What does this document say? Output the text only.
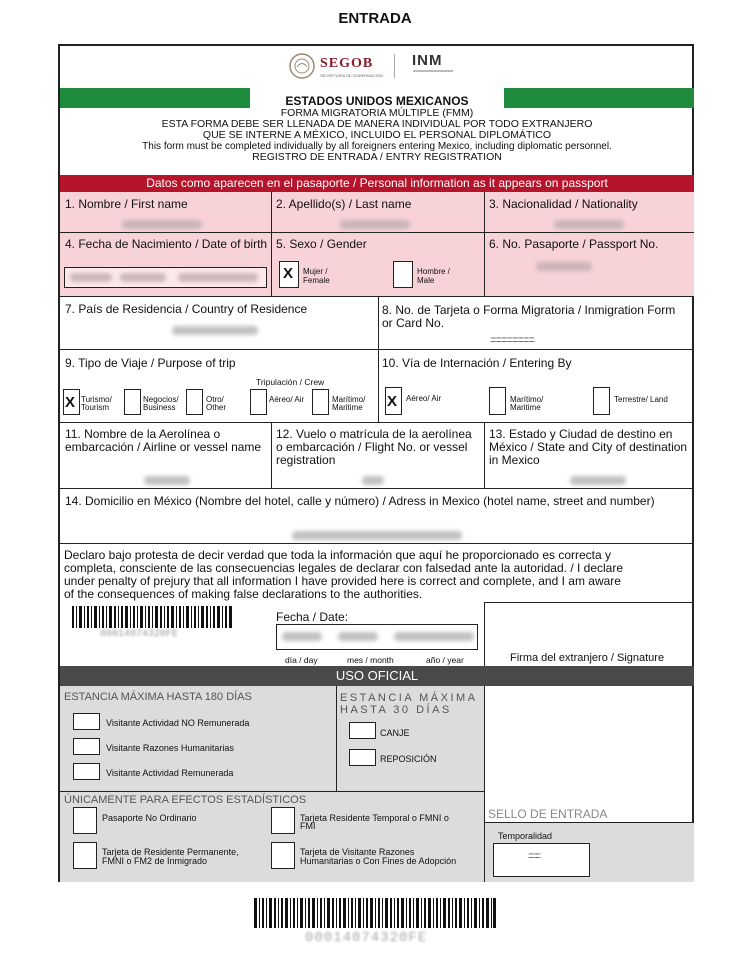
ENTRADA
SEGOB
SECRETARÍA DE GOBERNACIÓN
INM
ESTADOS UNIDOS MEXICANOS
FORMA MIGRATORIA MÚLTIPLE (FMM)
ESTA FORMA DEBE SER LLENADA DE MANERA INDIVIDUAL POR TODO EXTRANJERO
QUE SE INTERNE A MÉXICO, INCLUIDO EL PERSONAL DIPLOMÁTICO
This form must be completed individually by all foreigners entering Mexico, including diplomatic personnel.
REGISTRO DE ENTRADA / ENTRY REGISTRATION
Datos como aparecen en el pasaporte / Personal information as it appears on passport
1. Nombre / First name	2. Apellido(s) / Last name	3. Nacionalidad / Nationality
4. Fecha de Nacimiento / Date of birth 5. Sexo / Gender
X Mujer /
Female
Hombre /
Male
6. No. Pasaporte / Passport No.
7. País de Residencia / Country of Residence	8. No. de Tarjeta o Forma Migratoria / Inmigration Form or Card No.
::::::::::::::::::::::::::::::::::::
9. Tipo de Viaje / Purpose of trip
Tripulación / Crew
X Turismo/
Tourism
Negocios/
Business
Otro/
Other
Aéreo/ Air	Marítimo/
Maritime
10. Vía de Internación / Entering By
X Aéreo/ Air	Marítimo/
Maritime
Terrestre/ Land
11. Nombre de la Aerolínea o embarcación / Airline or vessel name
12. Vuelo o matrícula de la aerolínea o embarcación / Flight No. or vessel registration
13. Estado y Ciudad de destino en México / State and City of destination in Mexico
14. Domicilio en México (Nombre del hotel, calle y número) / Adress in Mexico (hotel name, street and number)
Declaro bajo protesta de decir verdad que toda la información que aquí he proporcionado es correcta y
completa, consciente de las consecuencias legales de declarar con falsedad ante la autoridad. / I declare
under penalty of prejury that all information I have provided here is correct and complete, and I am aware
of the consequences of making false declarations to the authorities.
00014074320FE
Fecha / Date:
día / day	mes / month	año / year	Firma del extranjero / Signature
USO OFICIAL
ESTANCIA MÁXIMA HASTA 180 DÍAS
Visitante Actividad NO Remunerada
Visitante Razones Humanitarias
Visitante Actividad Remunerada
ESTANCIA MÁXIMA
HASTA 30 DÍAS
CANJE
REPOSICIÓN
ÚNICAMENTE PARA EFECTOS ESTADÍSTICOS
Pasaporte No Ordinario	Tarjeta Residente Temporal o FMNI o
FMI
Tarjeta de Residente Permanente,
FMNI o FM2 de Inmigrado
Tarjeta de Visitante Razones
Humanitarias o Con Fines de Adopción
SELLO DE ENTRADA
Temporalidad
::::::::::
00014074320FE
